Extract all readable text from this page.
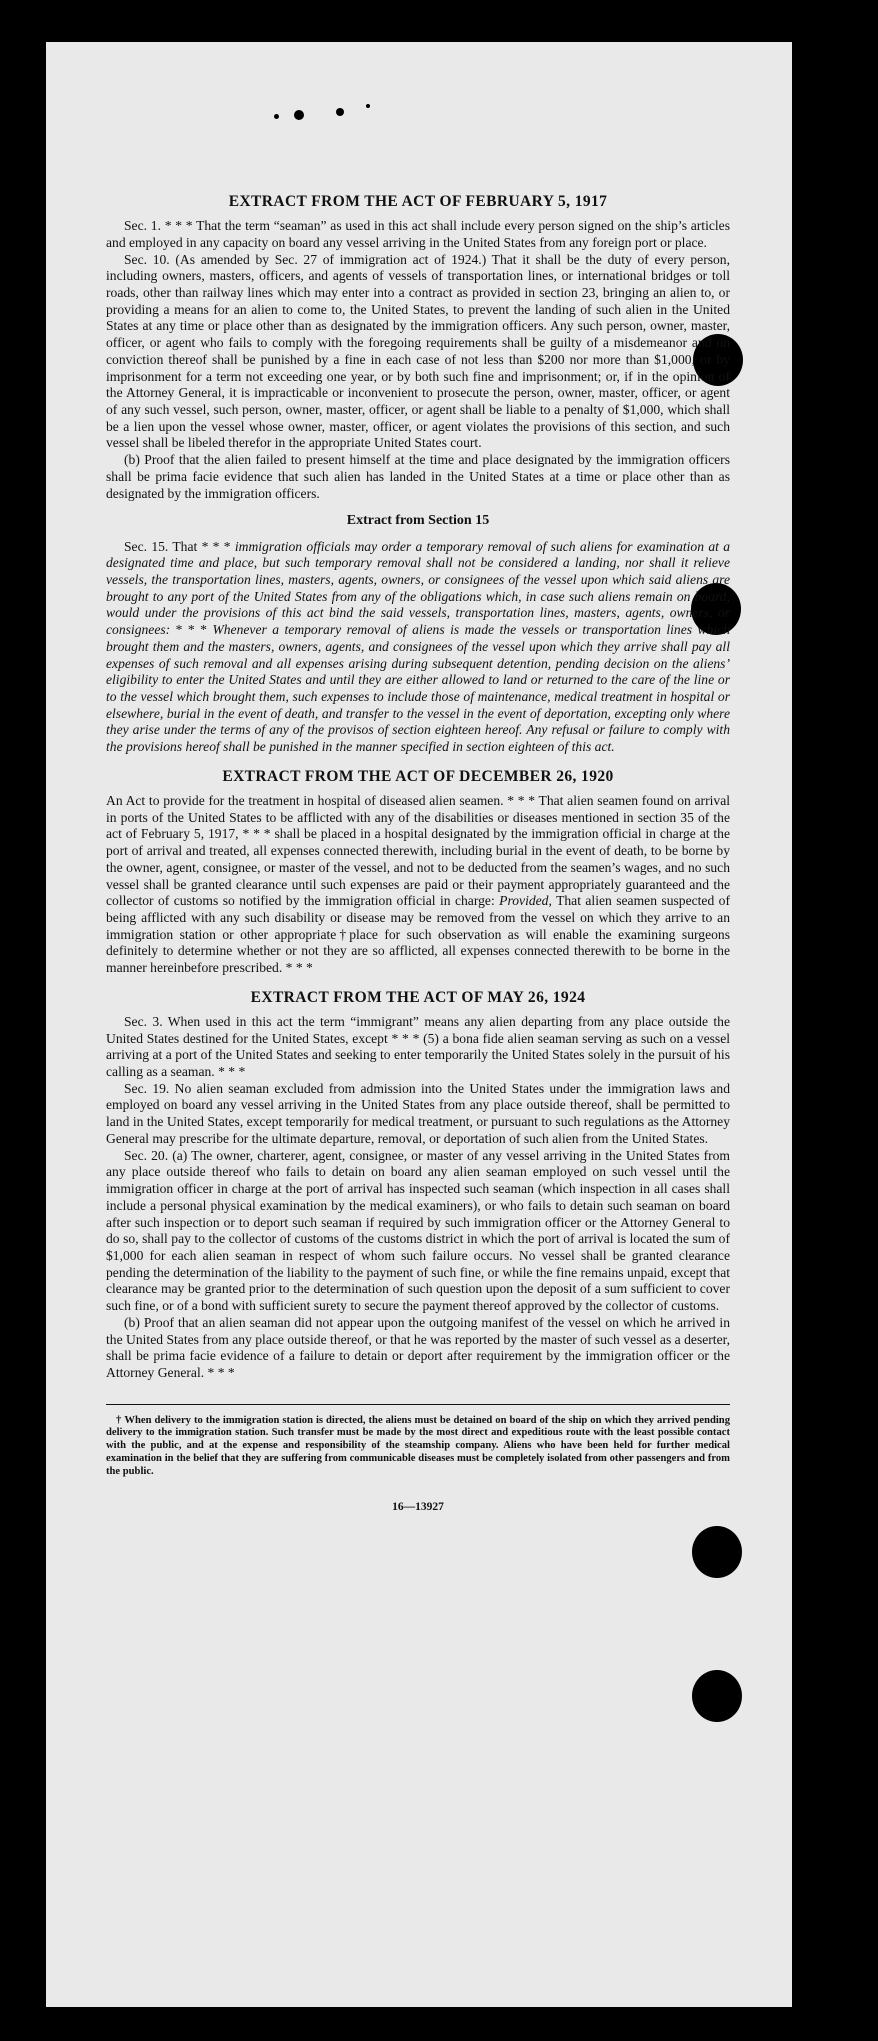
EXTRACT FROM THE ACT OF FEBRUARY 5, 1917

Sec. 1. * * * That the term “seaman” as used in this act shall include every person signed on the ship’s articles and employed in any capacity on board any vessel arriving in the United States from any foreign port or place.

Sec. 10. (As amended by Sec. 27 of immigration act of 1924.) That it shall be the duty of every person, including owners, masters, officers, and agents of vessels of transportation lines, or international bridges or toll roads, other than railway lines which may enter into a contract as provided in section 23, bringing an alien to, or providing a means for an alien to come to, the United States, to prevent the landing of such alien in the United States at any time or place other than as designated by the immigration officers. Any such person, owner, master, officer, or agent who fails to comply with the foregoing requirements shall be guilty of a misdemeanor and on conviction thereof shall be punished by a fine in each case of not less than $200 nor more than $1,000, or by imprisonment for a term not exceeding one year, or by both such fine and imprisonment; or, if in the opinion of the Attorney General, it is impracticable or inconvenient to prosecute the person, owner, master, officer, or agent of any such vessel, such person, owner, master, officer, or agent shall be liable to a penalty of $1,000, which shall be a lien upon the vessel whose owner, master, officer, or agent violates the provisions of this section, and such vessel shall be libeled therefor in the appropriate United States court.

(b) Proof that the alien failed to present himself at the time and place designated by the immigration officers shall be prima facie evidence that such alien has landed in the United States at a time or place other than as designated by the immigration officers.

Extract from Section 15

Sec. 15. That * * * immigration officials may order a temporary removal of such aliens for examination at a designated time and place, but such temporary removal shall not be considered a landing, nor shall it relieve vessels, the transportation lines, masters, agents, owners, or consignees of the vessel upon which said aliens are brought to any port of the United States from any of the obligations which, in case such aliens remain on board, would under the provisions of this act bind the said vessels, transportation lines, masters, agents, owners, or consignees: * * * Whenever a temporary removal of aliens is made the vessels or transportation lines which brought them and the masters, owners, agents, and consignees of the vessel upon which they arrive shall pay all expenses of such removal and all expenses arising during subsequent detention, pending decision on the aliens’ eligibility to enter the United States and until they are either allowed to land or returned to the care of the line or to the vessel which brought them, such expenses to include those of maintenance, medical treatment in hospital or elsewhere, burial in the event of death, and transfer to the vessel in the event of deportation, excepting only where they arise under the terms of any of the provisos of section eighteen hereof. Any refusal or failure to comply with the provisions hereof shall be punished in the manner specified in section eighteen of this act.

EXTRACT FROM THE ACT OF DECEMBER 26, 1920

An Act to provide for the treatment in hospital of diseased alien seamen. * * * That alien seamen found on arrival in ports of the United States to be afflicted with any of the disabilities or diseases mentioned in section 35 of the act of February 5, 1917, * * * shall be placed in a hospital designated by the immigration official in charge at the port of arrival and treated, all expenses connected therewith, including burial in the event of death, to be borne by the owner, agent, consignee, or master of the vessel, and not to be deducted from the seamen’s wages, and no such vessel shall be granted clearance until such expenses are paid or their payment appropriately guaranteed and the collector of customs so notified by the immigration official in charge: Provided, That alien seamen suspected of being afflicted with any such disability or disease may be removed from the vessel on which they arrive to an immigration station or other appropriate†place for such observation as will enable the examining surgeons definitely to determine whether or not they are so afflicted, all expenses connected therewith to be borne in the manner hereinbefore prescribed. * * *

EXTRACT FROM THE ACT OF MAY 26, 1924

Sec. 3. When used in this act the term “immigrant” means any alien departing from any place outside the United States destined for the United States, except * * * (5) a bona fide alien seaman serving as such on a vessel arriving at a port of the United States and seeking to enter temporarily the United States solely in the pursuit of his calling as a seaman. * * *

Sec. 19. No alien seaman excluded from admission into the United States under the immigration laws and employed on board any vessel arriving in the United States from any place outside thereof, shall be permitted to land in the United States, except temporarily for medical treatment, or pursuant to such regulations as the Attorney General may prescribe for the ultimate departure, removal, or deportation of such alien from the United States.

Sec. 20. (a) The owner, charterer, agent, consignee, or master of any vessel arriving in the United States from any place outside thereof who fails to detain on board any alien seaman employed on such vessel until the immigration officer in charge at the port of arrival has inspected such seaman (which inspection in all cases shall include a personal physical examination by the medical examiners), or who fails to detain such seaman on board after such inspection or to deport such seaman if required by such immigration officer or the Attorney General to do so, shall pay to the collector of customs of the customs district in which the port of arrival is located the sum of $1,000 for each alien seaman in respect of whom such failure occurs. No vessel shall be granted clearance pending the determination of the liability to the payment of such fine, or while the fine remains unpaid, except that clearance may be granted prior to the determination of such question upon the deposit of a sum sufficient to cover such fine, or of a bond with sufficient surety to secure the payment thereof approved by the collector of customs.

(b) Proof that an alien seaman did not appear upon the outgoing manifest of the vessel on which he arrived in the United States from any place outside thereof, or that he was reported by the master of such vessel as a deserter, shall be prima facie evidence of a failure to detain or deport after requirement by the immigration officer or the Attorney General. * * *

† When delivery to the immigration station is directed, the aliens must be detained on board of the ship on which they arrived pending delivery to the immigration station. Such transfer must be made by the most direct and expeditious route with the least possible contact with the public, and at the expense and responsibility of the steamship company. Aliens who have been held for further medical examination in the belief that they are suffering from communicable diseases must be completely isolated from other passengers and from the public.

16—13927
